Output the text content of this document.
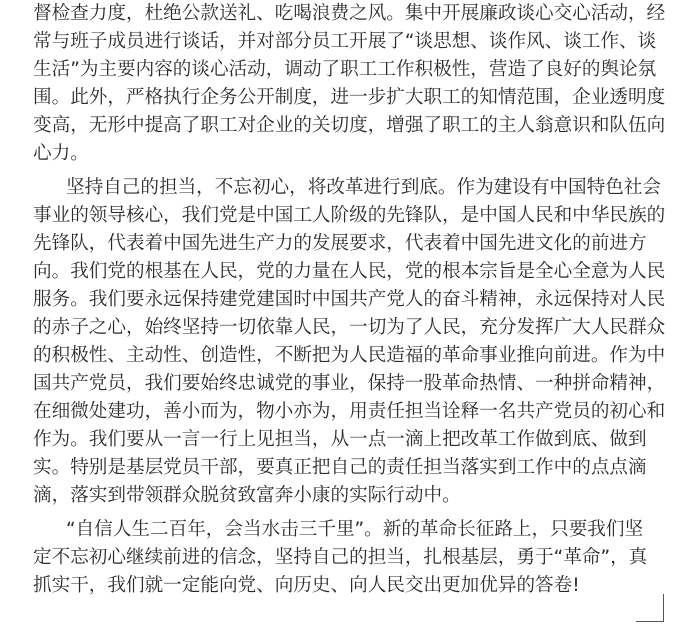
督检查力度，杜绝公款送礼、吃喝浪费之风。集中开展廉政谈心交心活动，经
常与班子成员进行谈话，并对部分员工开展了“谈思想、谈作风、谈工作、谈
生活”为主要内容的谈心活动，调动了职工工作积极性，营造了良好的舆论氛
围。此外，严格执行企务公开制度，进一步扩大职工的知情范围，企业透明度
变高，无形中提高了职工对企业的关切度，增强了职工的主人翁意识和队伍向
心力。
坚持自己的担当，不忘初心，将改革进行到底。作为建设有中国特色社会
事业的领导核心，我们党是中国工人阶级的先锋队，是中国人民和中华民族的
先锋队，代表着中国先进生产力的发展要求，代表着中国先进文化的前进方
向。我们党的根基在人民，党的力量在人民，党的根本宗旨是全心全意为人民
服务。我们要永远保持建党建国时中国共产党人的奋斗精神，永远保持对人民
的赤子之心，始终坚持一切依靠人民，一切为了人民，充分发挥广大人民群众
的积极性、主动性、创造性，不断把为人民造福的革命事业推向前进。作为中
国共产党员，我们要始终忠诚党的事业，保持一股革命热情、一种拼命精神，
在细微处建功，善小而为，物小亦为，用责任担当诠释一名共产党员的初心和
作为。我们要从一言一行上见担当，从一点一滴上把改革工作做到底、做到
实。特别是基层党员干部，要真正把自己的责任担当落实到工作中的点点滴
滴，落实到带领群众脱贫致富奔小康的实际行动中。
“自信人生二百年，会当水击三千里”。新的革命长征路上，只要我们坚
定不忘初心继续前进的信念，坚持自己的担当，扎根基层，勇于“革命”，真
抓实干，我们就一定能向党、向历史、向人民交出更加优异的答卷!
